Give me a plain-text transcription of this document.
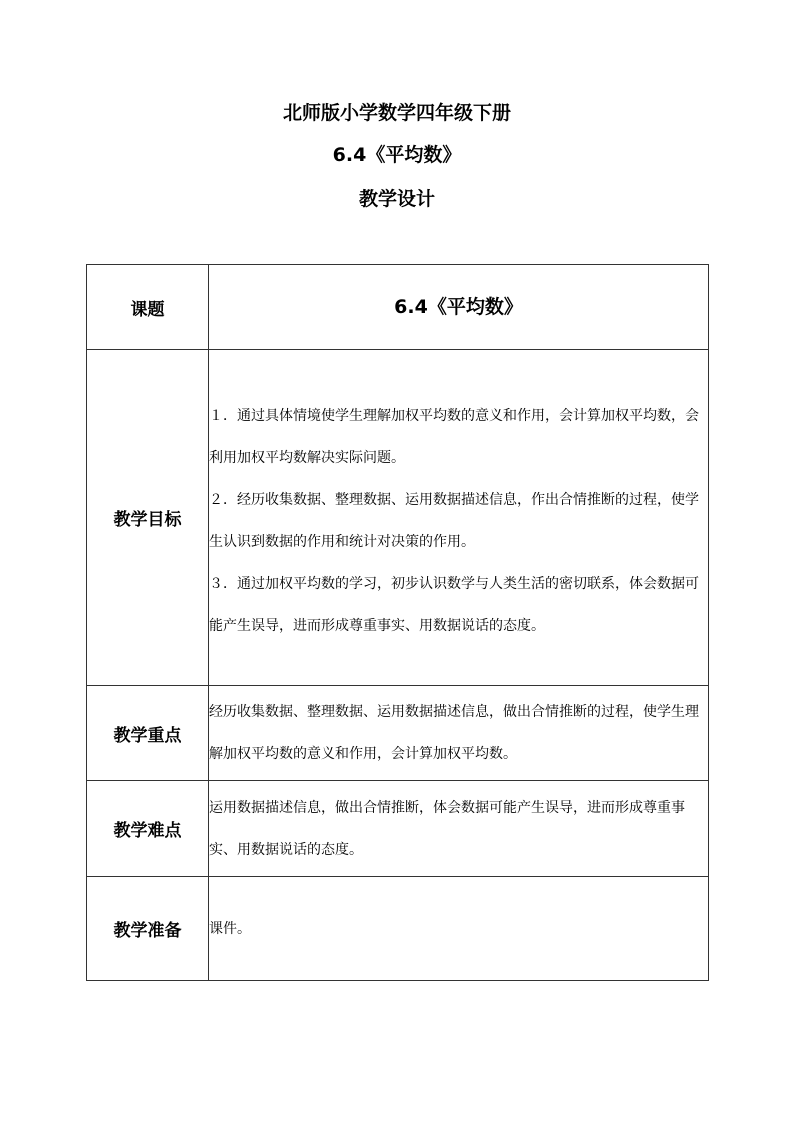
北师版小学数学四年级下册
6.4《平均数》
教学设计
课题	6.4《平均数》

教学目标	１．通过具体情境使学生理解加权平均数的意义和作用，会计算加权平均数，会利用加权平均数解决实际问题。

２．经历收集数据、整理数据、运用数据描述信息，作出合情推断的过程，使学生认识到数据的作用和统计对决策的作用。

３．通过加权平均数的学习，初步认识数学与人类生活的密切联系，体会数据可能产生误导，进而形成尊重事实、用数据说话的态度。

教学重点	经历收集数据、整理数据、运用数据描述信息，做出合情推断的过程，使学生理解加权平均数的意义和作用，会计算加权平均数。
教学难点	运用数据描述信息，做出合情推断，体会数据可能产生误导，进而形成尊重事实、用数据说话的态度。
教学准备	课件。
